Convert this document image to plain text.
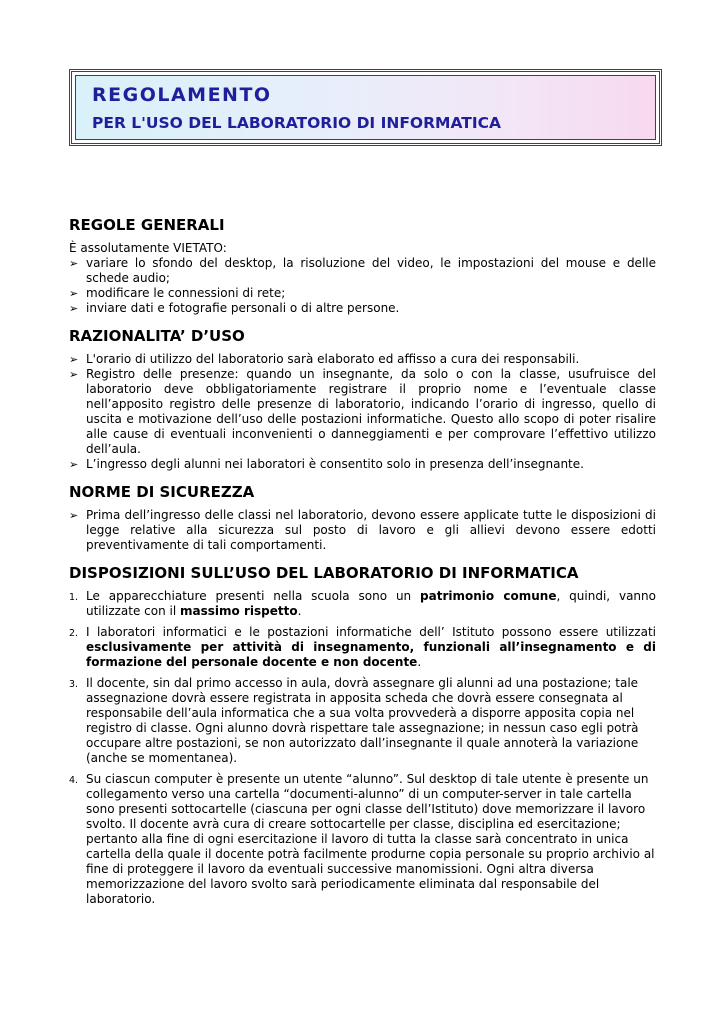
REGOLAMENTO
PER L'USO DEL LABORATORIO DI INFORMATICA
REGOLE GENERALI

È assolutamente VIETATO:

➢ variare lo sfondo del desktop, la risoluzione del video, le impostazioni del mouse e delle schede audio;
➢ modificare le connessioni di rete;
➢ inviare dati e fotografie personali o di altre persone.
RAZIONALITA’ D’USO
➢ L'orario di utilizzo del laboratorio sarà elaborato ed affisso a cura dei responsabili.
➢ Registro delle presenze: quando un insegnante, da solo o con la classe, usufruisce del laboratorio deve obbligatoriamente registrare il proprio nome e l’eventuale classe nell’apposito registro delle presenze di laboratorio, indicando l’orario di ingresso, quello di uscita e motivazione dell’uso delle postazioni informatiche. Questo allo scopo di poter risalire alle cause di eventuali inconvenienti o danneggiamenti e per comprovare l’effettivo utilizzo dell’aula.
➢ L’ingresso degli alunni nei laboratori è consentito solo in presenza dell’insegnante.
NORME DI SICUREZZA
➢ Prima dell’ingresso delle classi nel laboratorio, devono essere applicate tutte le disposizioni di legge relative alla sicurezza sul posto di lavoro e gli allievi devono essere edotti preventivamente di tali comportamenti.
DISPOSIZIONI SULL’USO DEL LABORATORIO DI INFORMATICA
1. Le apparecchiature presenti nella scuola sono un patrimonio comune, quindi, vanno utilizzate con il massimo rispetto.
2. I laboratori informatici e le postazioni informatiche dell’ Istituto possono essere utilizzati esclusivamente per attività di insegnamento, funzionali all’insegnamento e di formazione del personale docente e non docente.
3. Il docente, sin dal primo accesso in aula, dovrà assegnare gli alunni ad una postazione; tale assegnazione dovrà essere registrata in apposita scheda che dovrà essere consegnata al responsabile dell’aula informatica che a sua volta provvederà a disporre apposita copia nel registro di classe. Ogni alunno dovrà rispettare tale assegnazione; in nessun caso egli potrà occupare altre postazioni, se non autorizzato dall’insegnante il quale annoterà la variazione (anche se momentanea).
4. Su ciascun computer è presente un utente “alunno”. Sul desktop di tale utente è presente un collegamento verso una cartella “documenti-alunno” di un computer-server in tale cartella sono presenti sottocartelle (ciascuna per ogni classe dell’Istituto) dove memorizzare il lavoro svolto. Il docente avrà cura di creare sottocartelle per classe, disciplina ed esercitazione; pertanto alla fine di ogni esercitazione il lavoro di tutta la classe sarà concentrato in unica cartella della quale il docente potrà facilmente produrne copia personale su proprio archivio al fine di proteggere il lavoro da eventuali successive manomissioni. Ogni altra diversa memorizzazione del lavoro svolto sarà periodicamente eliminata dal responsabile del laboratorio.
